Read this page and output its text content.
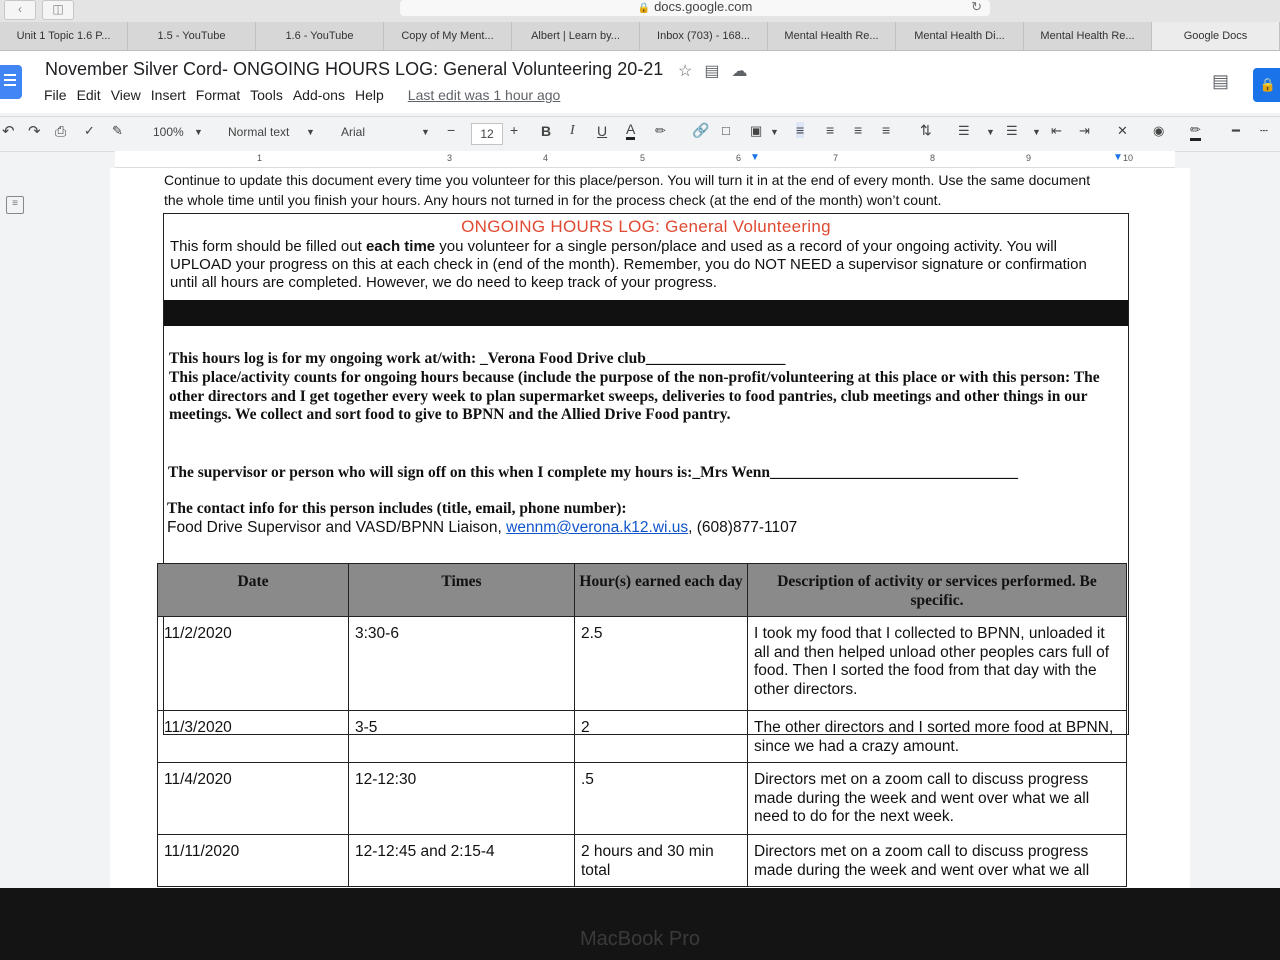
‹	◫	🔒 docs.google.com	↻
Unit 1 Topic 1.6 P...	1.5 - YouTube	1.6 - YouTube	Copy of My Ment...	Albert | Learn by...	Inbox (703) - 168...	Mental Health Re...	Mental Health Di...	Mental Health Re...	Google Docs
November Silver Cord- ONGOING HOURS LOG: General Volunteering 20-21 ☆▤☁
File Edit View Insert Format Tools Add-ons Help Last edit was 1 hour ago
▤	🔒
↶ ↷ ⎙ ✓ ✎	100% ▼ Normal text ▼ Arial	▼ −	12	+ B I U A ✏ 🔗 □ ▣ ▼ ≡ ≡ ≡ ≡ ⇅ ☰ ▼ ☰ ▼ ⇤ ⇥ ✕ ◉ ✏ ━ ┄
1	3	4	5	6 ▼	7	8	9	▼ 10
≡
Continue to update this document every time you volunteer for this place/person. You will turn it in at the end of every month. Use the same document the whole time until you finish your hours. Any hours not turned in for the process check (at the end of the month) won’t count.
ONGOING HOURS LOG: General Volunteering
This form should be filled out each time you volunteer for a single person/place and used as a record of your ongoing activity. You will UPLOAD your progress on this at each check in (end of the month). Remember, you do NOT NEED a supervisor signature or confirmation until all hours are completed. However, we do need to keep track of your progress.
This hours log is for my ongoing work at/with: _Verona Food Drive club__________________
This place/activity counts for ongoing hours because (include the purpose of the non-profit/volunteering at this place or with this person: The other directors and I get together every week to plan supermarket sweeps, deliveries to food pantries, club meetings and other things in our meetings. We collect and sort food to give to BPNN and the Allied Drive Food pantry.
The supervisor or person who will sign off on this when I complete my hours is:_Mrs Wenn________________________________
The contact info for this person includes (title, email, phone number):
Food Drive Supervisor and VASD/BPNN Liaison, wennm@verona.k12.wi.us, (608)877-1107
Date	Times	Hour(s) earned each day	Description of activity or services performed. Be specific.
11/2/2020	3:30-6	2.5	I took my food that I collected to BPNN, unloaded it all and then helped unload other peoples cars full of food. Then I sorted the food from that day with the other directors.
11/3/2020	3-5	2	The other directors and I sorted more food at BPNN, since we had a crazy amount.
11/4/2020	12-12:30	.5	Directors met on a zoom call to discuss progress made during the week and went over what we all need to do for the next week.
11/11/2020	12-12:45 and 2:15-4	2 hours and 30 min total	Directors met on a zoom call to discuss progress made during the week and went over what we all
MacBook Pro
